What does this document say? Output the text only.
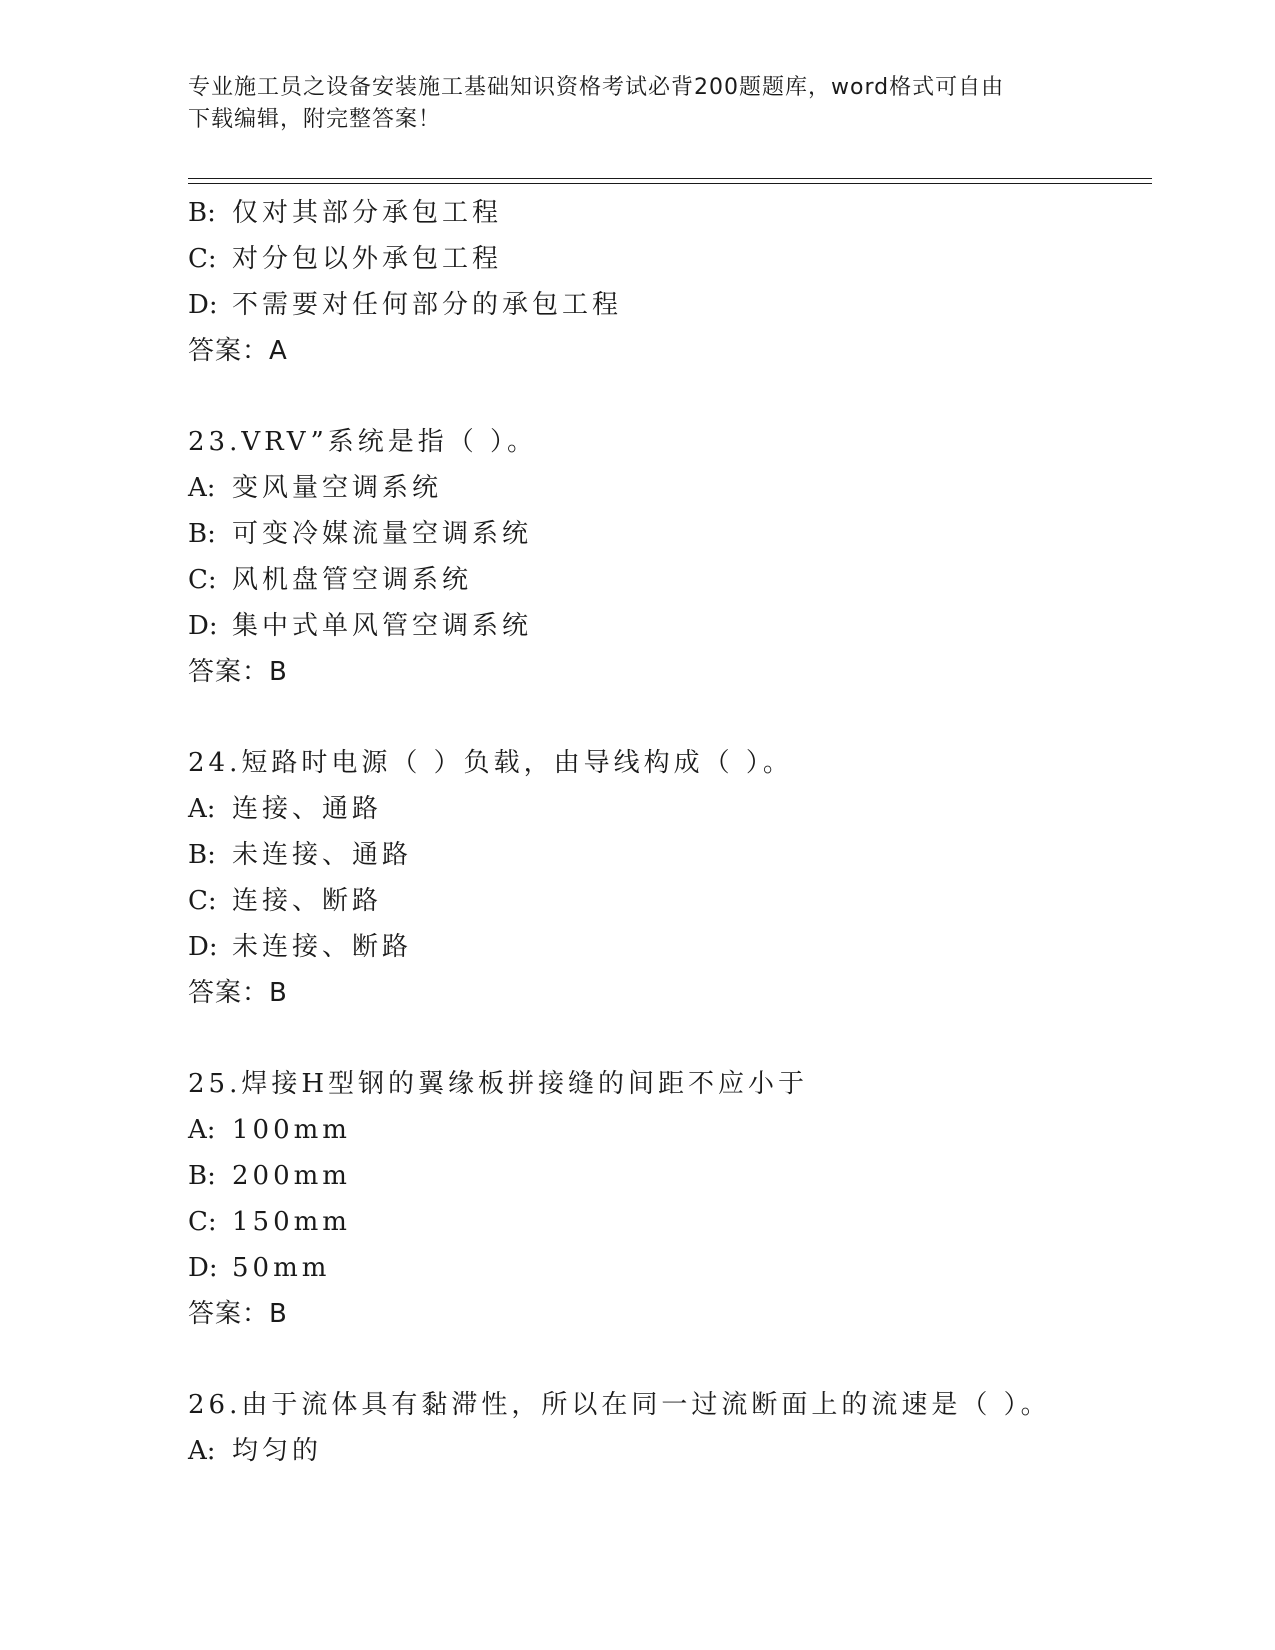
专业施工员之设备安装施工基础知识资格考试必背200题题库，word格式可自由
下载编辑，附完整答案！
B: 仅对其部分承包工程
C: 对分包以外承包工程
D: 不需要对任何部分的承包工程
答案：A
23.VRV”系统是指（ ）。
A: 变风量空调系统
B: 可变冷媒流量空调系统
C: 风机盘管空调系统
D: 集中式单风管空调系统
答案：B
24.短路时电源（ ）负载，由导线构成（ ）。
A: 连接、通路
B: 未连接、通路
C: 连接、断路
D: 未连接、断路
答案：B
25.焊接H型钢的翼缘板拼接缝的间距不应小于
A: 100mm
B: 200mm
C: 150mm
D: 50mm
答案：B
26.由于流体具有黏滞性，所以在同一过流断面上的流速是（ ）。
A: 均匀的
